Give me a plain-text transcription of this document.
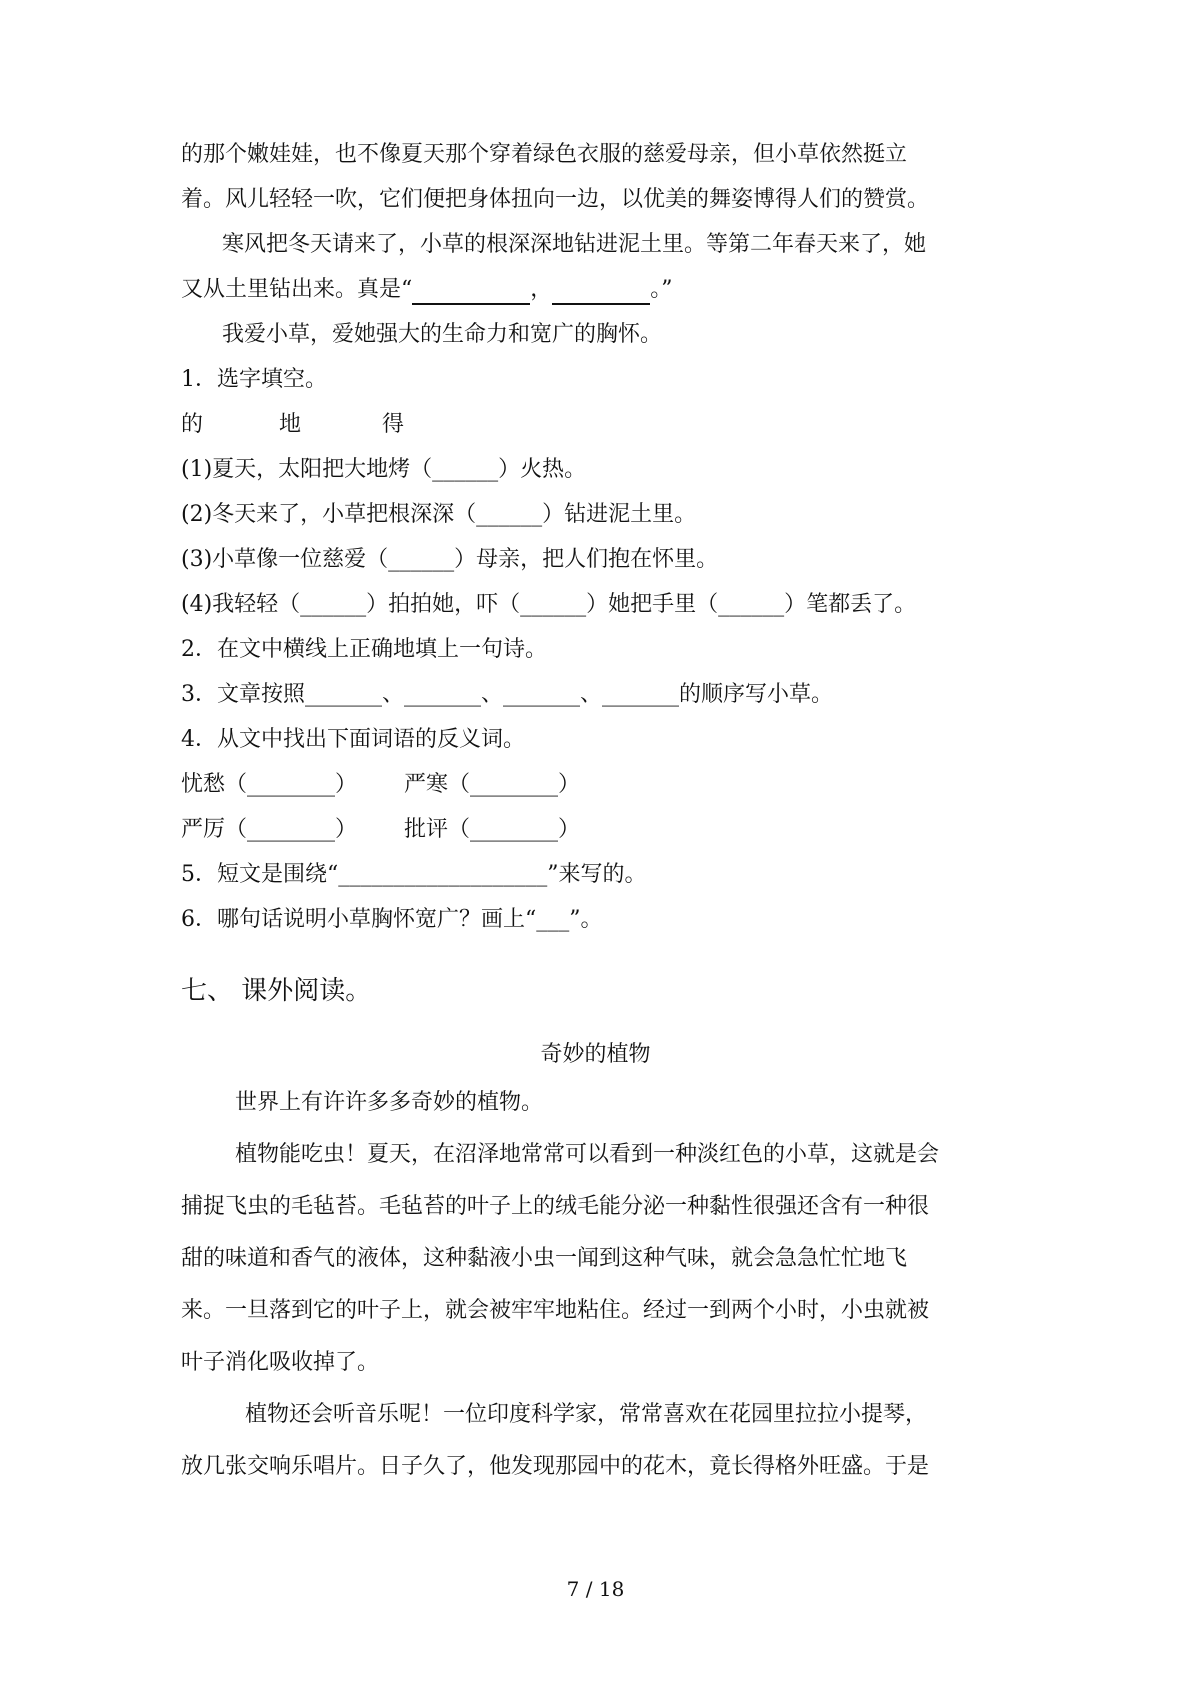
的那个嫩娃娃，也不像夏天那个穿着绿色衣服的慈爱母亲，但小草依然挺立
着。风儿轻轻一吹，它们便把身体扭向一边，以优美的舞姿博得人们的赞赏。
寒风把冬天请来了，小草的根深深地钻进泥土里。等第二年春天来了，她
又从土里钻出来。真是“	，	。”
我爱小草，爱她强大的生命力和宽广的胸怀。
1．选字填空。
的	地	得
(1)夏天，太阳把大地烤（______）火热。
(2)冬天来了，小草把根深深（______）钻进泥土里。
(3)小草像一位慈爱（______）母亲，把人们抱在怀里。
(4)我轻轻（______）拍拍她，吓（______）她把手里（______）笔都丢了。
2．在文中横线上正确地填上一句诗。
3．文章按照_______、_______、_______、_______的顺序写小草。
4．从文中找出下面词语的反义词。
忧愁（________） 严寒（________）
严厉（________） 批评（________）
5．短文是围绕“___________________”来写的。
6．哪句话说明小草胸怀宽广？画上“___”。
七、 课外阅读。
奇妙的植物
世界上有许许多多奇妙的植物。
植物能吃虫！夏天，在沼泽地常常可以看到一种淡红色的小草，这就是会
捕捉飞虫的毛毡苔。毛毡苔的叶子上的绒毛能分泌一种黏性很强还含有一种很
甜的味道和香气的液体，这种黏液小虫一闻到这种气味，就会急急忙忙地飞
来。一旦落到它的叶子上，就会被牢牢地粘住。经过一到两个小时，小虫就被
叶子消化吸收掉了。
植物还会听音乐呢！一位印度科学家，常常喜欢在花园里拉拉小提琴，
放几张交响乐唱片。日子久了，他发现那园中的花木，竟长得格外旺盛。于是
7 / 18
